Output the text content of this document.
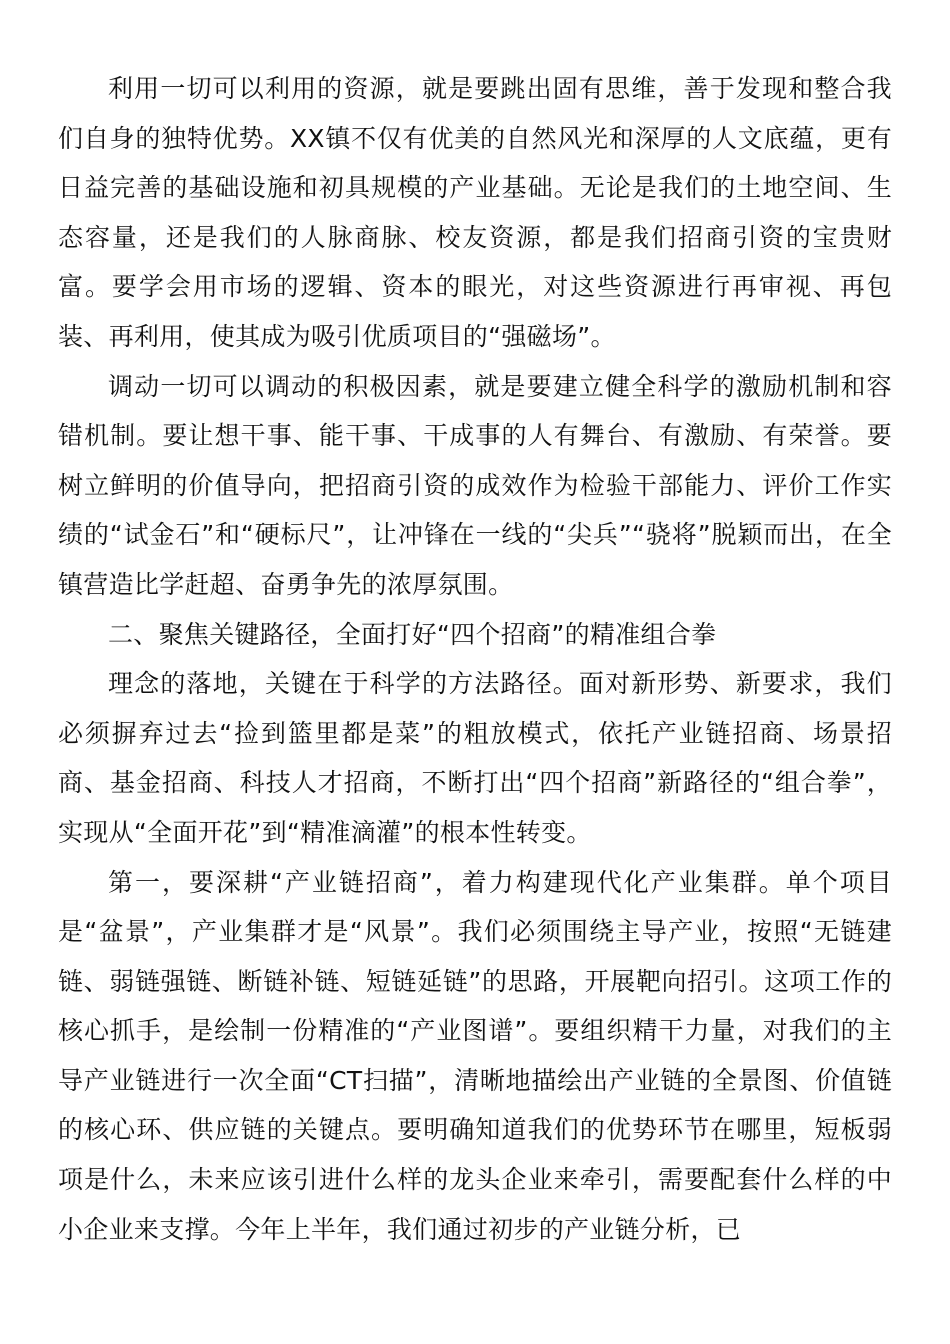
利用一切可以利用的资源，就是要跳出固有思维，善于发现和整合我们自身的独特优势。XX镇不仅有优美的自然风光和深厚的人文底蕴，更有日益完善的基础设施和初具规模的产业基础。无论是我们的土地空间、生态容量，还是我们的人脉商脉、校友资源，都是我们招商引资的宝贵财富。要学会用市场的逻辑、资本的眼光，对这些资源进行再审视、再包装、再利用，使其成为吸引优质项目的“强磁场”。

调动一切可以调动的积极因素，就是要建立健全科学的激励机制和容错机制。要让想干事、能干事、干成事的人有舞台、有激励、有荣誉。要树立鲜明的价值导向，把招商引资的成效作为检验干部能力、评价工作实绩的“试金石”和“硬标尺”，让冲锋在一线的“尖兵”“骁将”脱颖而出，在全镇营造比学赶超、奋勇争先的浓厚氛围。

二、聚焦关键路径，全面打好“四个招商”的精准组合拳

理念的落地，关键在于科学的方法路径。面对新形势、新要求，我们必须摒弃过去“捡到篮里都是菜”的粗放模式，依托产业链招商、场景招商、基金招商、科技人才招商，不断打出“四个招商”新路径的“组合拳”，实现从“全面开花”到“精准滴灌”的根本性转变。

第一，要深耕“产业链招商”，着力构建现代化产业集群。单个项目是“盆景”，产业集群才是“风景”。我们必须围绕主导产业，按照“无链建链、弱链强链、断链补链、短链延链”的思路，开展靶向招引。这项工作的核心抓手，是绘制一份精准的“产业图谱”。要组织精干力量，对我们的主导产业链进行一次全面“CT扫描”，清晰地描绘出产业链的全景图、价值链的核心环、供应链的关键点。要明确知道我们的优势环节在哪里，短板弱项是什么，未来应该引进什么样的龙头企业来牵引，需要配套什么样的中小企业来支撑。今年上半年，我们通过初步的产业链分析，已
